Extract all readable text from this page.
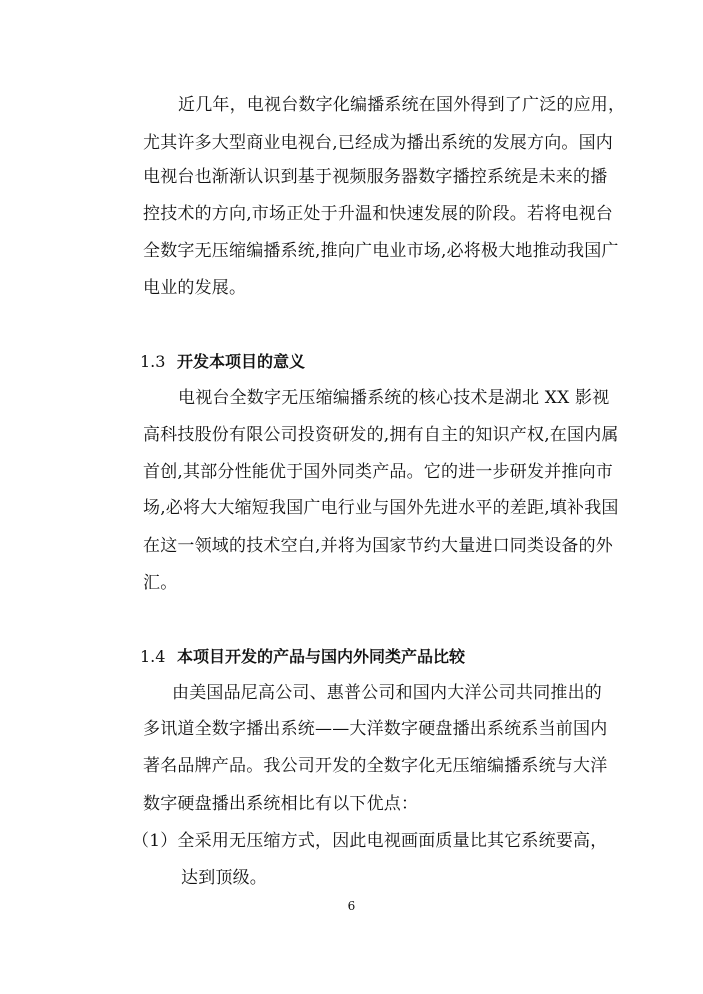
近几年，电视台数字化编播系统在国外得到了广泛的应用，
尤其许多大型商业电视台,已经成为播出系统的发展方向。国内
电视台也渐渐认识到基于视频服务器数字播控系统是未来的播
控技术的方向,市场正处于升温和快速发展的阶段。若将电视台
全数字无压缩编播系统,推向广电业市场,必将极大地推动我国广
电业的发展。
1.3 开发本项目的意义
电视台全数字无压缩编播系统的核心技术是湖北 XX 影视
高科技股份有限公司投资研发的,拥有自主的知识产权,在国内属
首创,其部分性能优于国外同类产品。它的进一步研发并推向市
场,必将大大缩短我国广电行业与国外先进水平的差距,填补我国
在这一领域的技术空白,并将为国家节约大量进口同类设备的外
汇。
1.4 本项目开发的产品与国内外同类产品比较
由美国品尼高公司、惠普公司和国内大洋公司共同推出的
多讯道全数字播出系统——大洋数字硬盘播出系统系当前国内
著名品牌产品。我公司开发的全数字化无压缩编播系统与大洋
数字硬盘播出系统相比有以下优点：
（1）全采用无压缩方式，因此电视画面质量比其它系统要高，
达到顶级。
6
